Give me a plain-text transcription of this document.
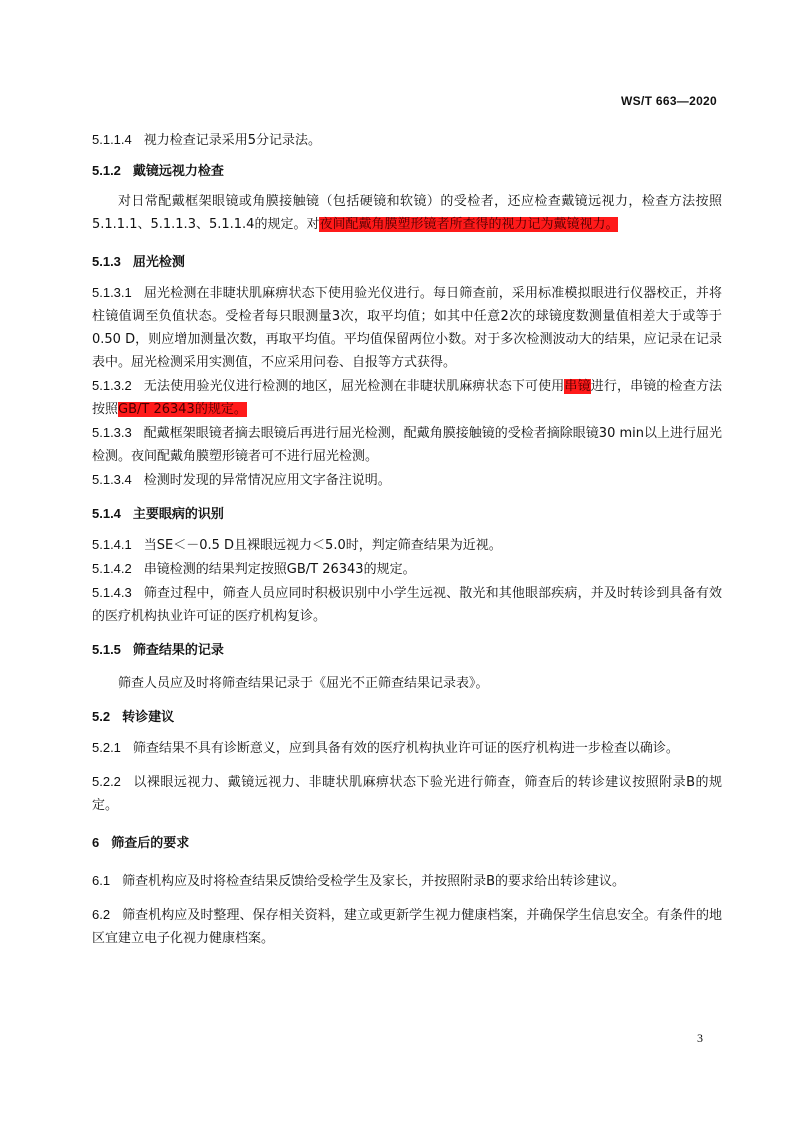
WS/T 663—2020

5.1.1.4 视力检查记录采用5分记录法。

5.1.2 戴镜远视力检查

对日常配戴框架眼镜或角膜接触镜（包括硬镜和软镜）的受检者，还应检查戴镜远视力，检查方法按照5.1.1.1、5.1.1.3、5.1.1.4的规定。对夜间配戴角膜塑形镜者所查得的视力记为戴镜视力。

5.1.3 屈光检测

5.1.3.1 屈光检测在非睫状肌麻痹状态下使用验光仪进行。每日筛查前，采用标准模拟眼进行仪器校正，并将柱镜值调至负值状态。受检者每只眼测量3次，取平均值；如其中任意2次的球镜度数测量值相差大于或等于0.50 D，则应增加测量次数，再取平均值。平均值保留两位小数。对于多次检测波动大的结果，应记录在记录表中。屈光检测采用实测值，不应采用问卷、自报等方式获得。

5.1.3.2 无法使用验光仪进行检测的地区，屈光检测在非睫状肌麻痹状态下可使用串镜进行，串镜的检查方法按照GB/T 26343的规定。

5.1.3.3 配戴框架眼镜者摘去眼镜后再进行屈光检测，配戴角膜接触镜的受检者摘除眼镜30 min以上进行屈光检测。夜间配戴角膜塑形镜者可不进行屈光检测。

5.1.3.4 检测时发现的异常情况应用文字备注说明。

5.1.4 主要眼病的识别

5.1.4.1 当SE＜－0.5 D且裸眼远视力＜5.0时，判定筛查结果为近视。

5.1.4.2 串镜检测的结果判定按照GB/T 26343的规定。

5.1.4.3 筛查过程中，筛查人员应同时积极识别中小学生远视、散光和其他眼部疾病，并及时转诊到具备有效的医疗机构执业许可证的医疗机构复诊。

5.1.5 筛查结果的记录

筛查人员应及时将筛查结果记录于《屈光不正筛查结果记录表》。

5.2 转诊建议

5.2.1 筛查结果不具有诊断意义，应到具备有效的医疗机构执业许可证的医疗机构进一步检查以确诊。

5.2.2 以裸眼远视力、戴镜远视力、非睫状肌麻痹状态下验光进行筛查，筛查后的转诊建议按照附录B的规定。

6 筛查后的要求

6.1 筛查机构应及时将检查结果反馈给受检学生及家长，并按照附录B的要求给出转诊建议。

6.2 筛查机构应及时整理、保存相关资料，建立或更新学生视力健康档案，并确保学生信息安全。有条件的地区宜建立电子化视力健康档案。

3
